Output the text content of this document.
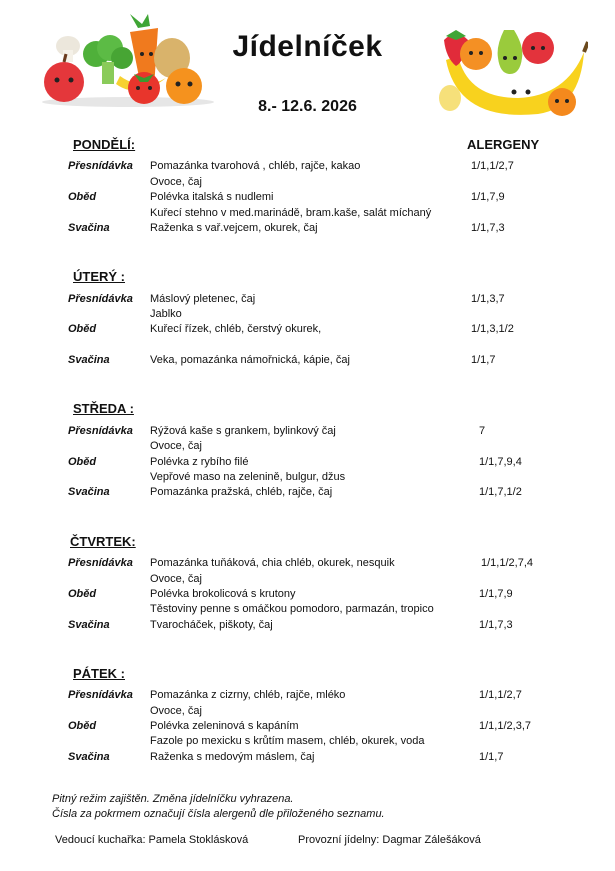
Jídelníček
8.- 12.6. 2026
ALERGENY
PONDĚLÍ:
Přesnídávka Pomazánka tvarohová , chléb, rajče, kakao	1/1,1/2,7
Ovoce, čaj
Oběd	Polévka italská s nudlemi	1/1,7,9
Kuřecí stehno v med.marinádě, bram.kaše, salát míchaný
Svačina	Raženka s vař.vejcem, okurek, čaj	1/1,7,3
ÚTERÝ :
Přesnídávka Máslový pletenec, čaj	1/1,3,7
Jablko
Oběd	Kuřecí řízek, chléb, čerstvý okurek,	1/1,3,1/2
Svačina	Veka, pomazánka námořnická, kápie, čaj	1/1,7
STŘEDA :
Přesnídávka Rýžová kaše s grankem, bylinkový čaj	7
Ovoce, čaj
Oběd	Polévka z rybího filé	1/1,7,9,4
Vepřové maso na zelenině, bulgur, džus
Svačina	Pomazánka pražská, chléb, rajče, čaj	1/1,7,1/2
ČTVRTEK:
Přesnídávka Pomazánka tuňáková, chia chléb, okurek, nesquik	1/1,1/2,7,4
Ovoce, čaj
Oběd	Polévka brokolicová s krutony	1/1,7,9
Těstoviny penne s omáčkou pomodoro, parmazán, tropico
Svačina	Tvarocháček, piškoty, čaj	1/1,7,3
PÁTEK :
Přesnídávka Pomazánka z cizrny, chléb, rajče, mléko	1/1,1/2,7
Ovoce, čaj
Oběd	Polévka zeleninová s kapáním	1/1,1/2,3,7
Fazole po mexicku s krůtím masem, chléb, okurek, voda
Svačina	Raženka s medovým máslem, čaj	1/1,7
Pitný režim zajištěn. Změna jídelníčku vyhrazena.
Čísla za pokrmem označují čísla alergenů dle přiloženého seznamu.
Vedoucí kuchařka: Pamela Stoklásková	Provozní jídelny: Dagmar Zálešáková
